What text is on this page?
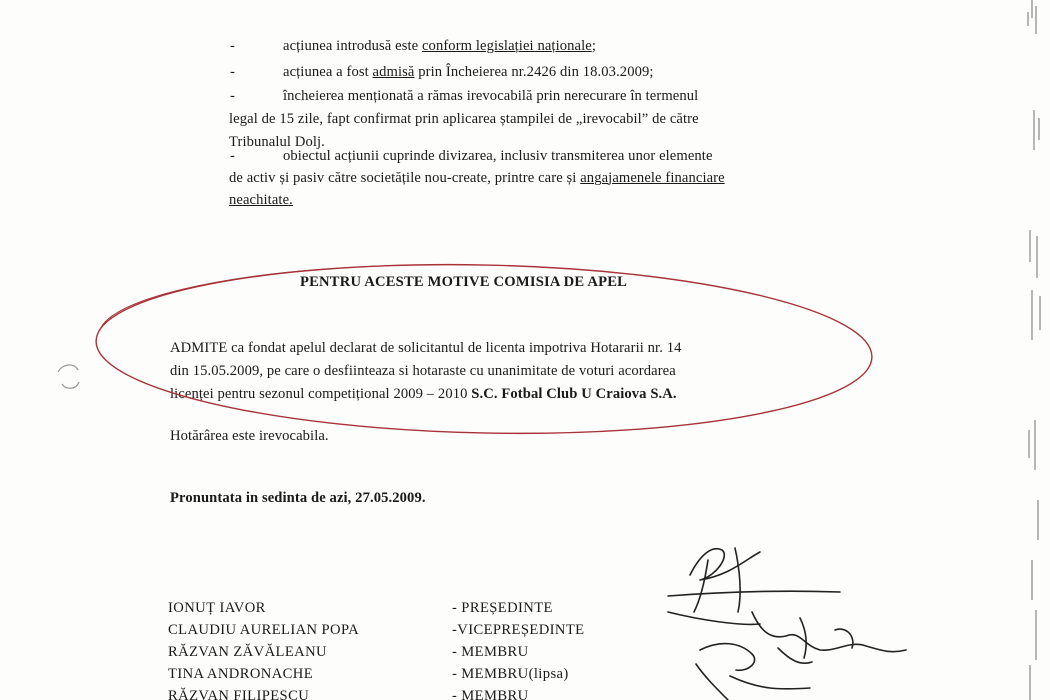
-	acțiunea introdusă este conform legislației naționale;
-	acțiunea a fost admisă prin Încheierea nr.2426 din 18.03.2009;
-	încheierea menționată a rămas irevocabilă prin nerecurare în termenul
legal de 15 zile, fapt confirmat prin aplicarea ștampilei de „irevocabil” de către
Tribunalul Dolj.
-	obiectul acțiunii cuprinde divizarea, inclusiv transmiterea unor elemente
de activ și pasiv către societățile nou-create, printre care și angajamenele financiare
neachitate.
PENTRU ACESTE MOTIVE COMISIA DE APEL
ADMITE ca fondat apelul declarat de solicitantul de licenta impotriva Hotararii nr. 14
din 15.05.2009, pe care o desfiinteaza si hotaraste cu unanimitate de voturi acordarea
licenței pentru sezonul competițional 2009 – 2010 S.C. Fotbal Club U Craiova S.A.
Hotărârea este irevocabila.
Pronuntata in sedinta de azi, 27.05.2009.
IONUȚ IAVOR	- PREȘEDINTE
CLAUDIU AURELIAN POPA	-VICEPREȘEDINTE
RĂZVAN ZĂVĂLEANU	- MEMBRU
TINA ANDRONACHE	- MEMBRU(lipsa)
RĂZVAN FILIPESCU	- MEMBRU
